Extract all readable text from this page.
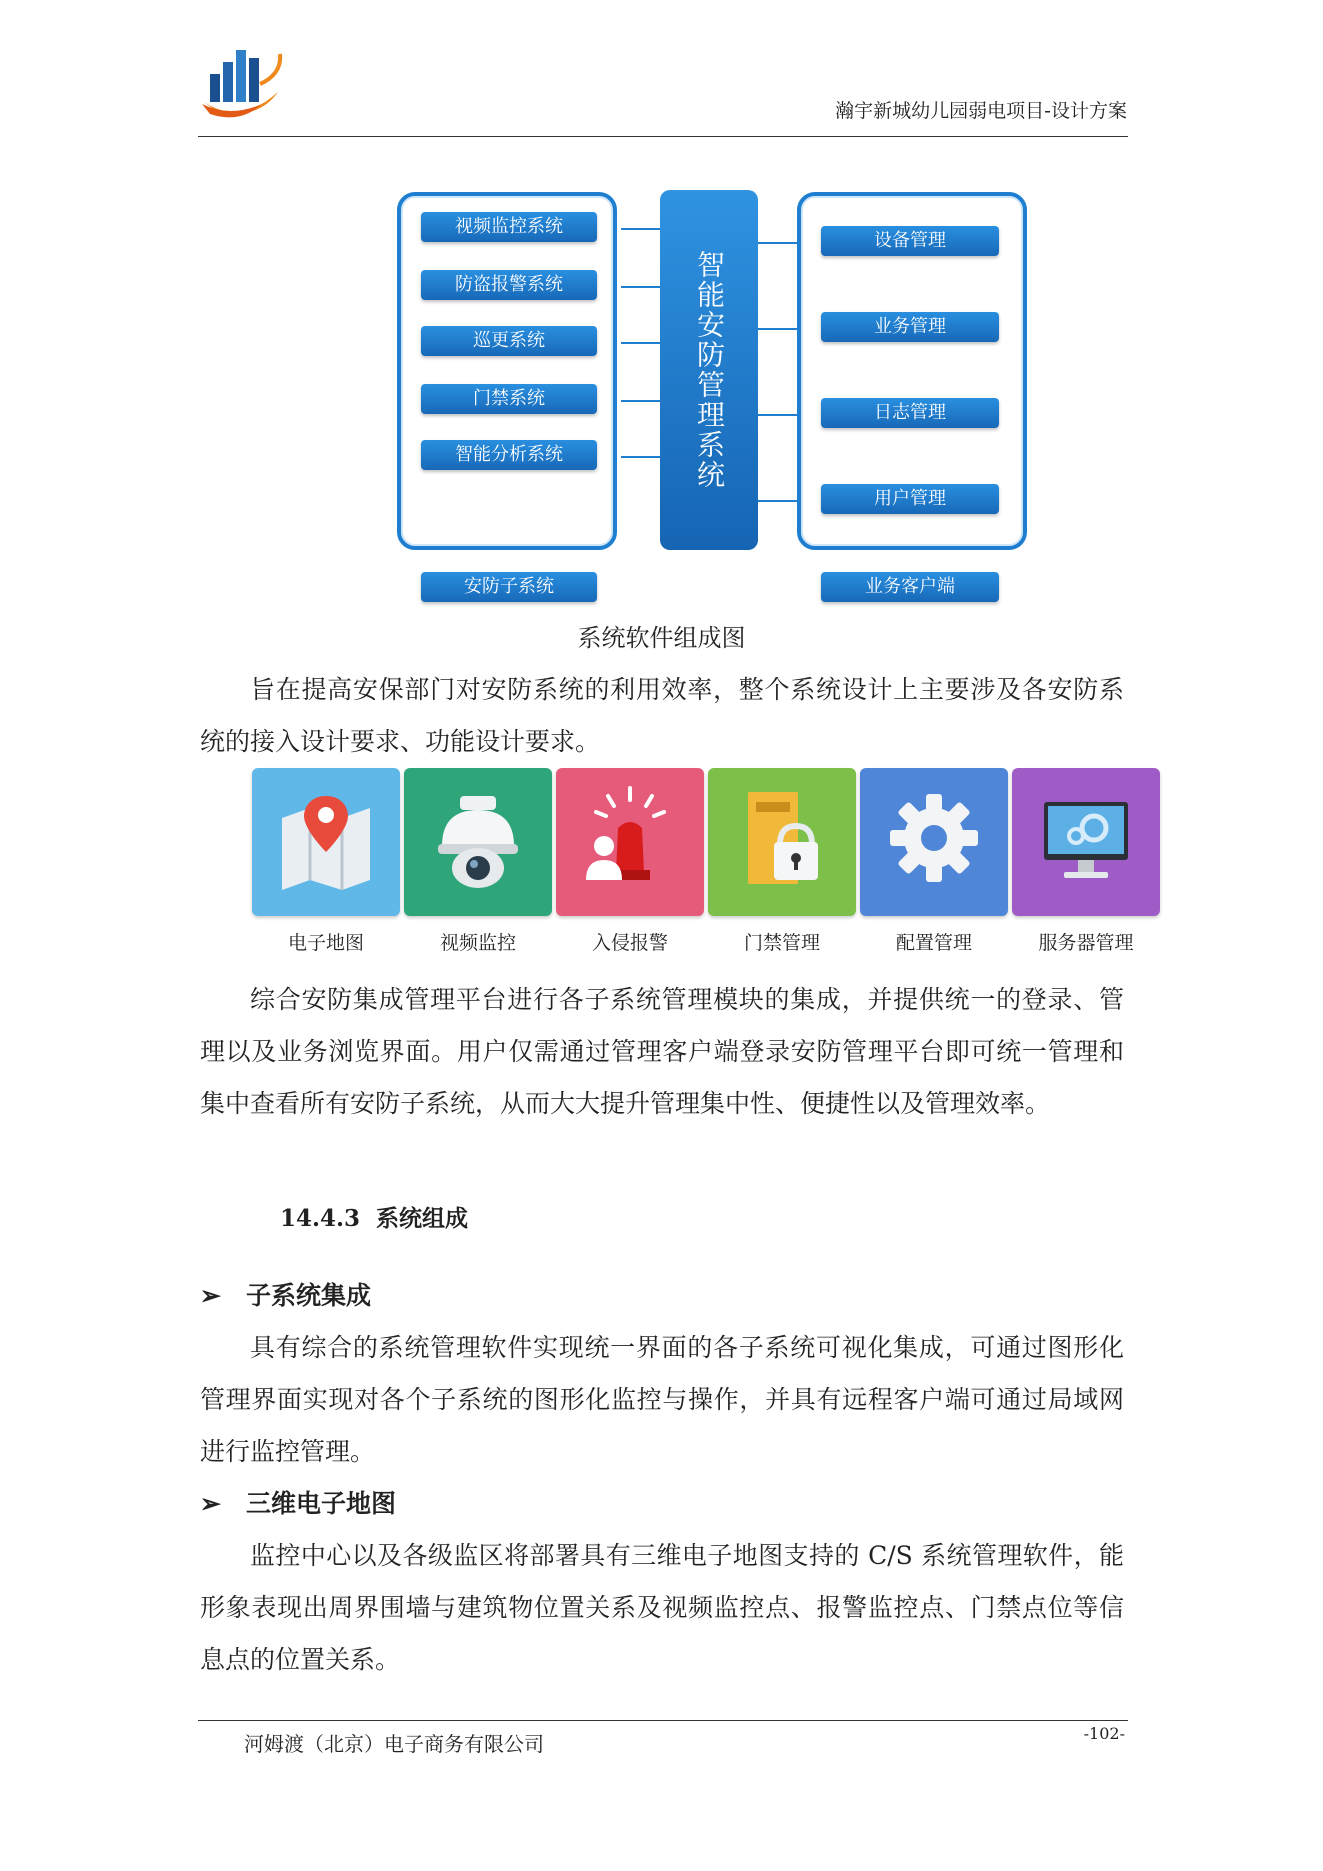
瀚宇新城幼儿园弱电项目-设计方案
视频监控系统
防盗报警系统
巡更系统
门禁系统
智能分析系统	智能安防管理系统
设备管理
业务管理
日志管理
用户管理
安防子系统	业务客户端
系统软件组成图
旨在提高安保部门对安防系统的利用效率，整个系统设计上主要涉及各安防系统的接入设计要求、功能设计要求。
电子地图	视频监控	入侵报警	门禁管理	配置管理	服务器管理
综合安防集成管理平台进行各子系统管理模块的集成，并提供统一的登录、管理以及业务浏览界面。用户仅需通过管理客户端登录安防管理平台即可统一管理和集中查看所有安防子系统，从而大大提升管理集中性、便捷性以及管理效率。
14.4.3 系统组成
➢ 子系统集成
具有综合的系统管理软件实现统一界面的各子系统可视化集成，可通过图形化管理界面实现对各个子系统的图形化监控与操作，并具有远程客户端可通过局域网进行监控管理。
➢ 三维电子地图
监控中心以及各级监区将部署具有三维电子地图支持的 C/S 系统管理软件，能形象表现出周界围墙与建筑物位置关系及视频监控点、报警监控点、门禁点位等信息点的位置关系。
河姆渡（北京）电子商务有限公司	-102-
